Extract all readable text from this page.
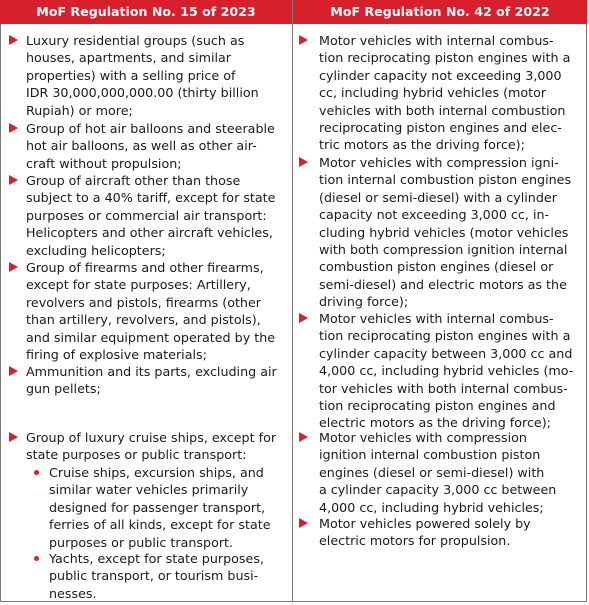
MoF Regulation No. 15 of 2023	MoF Regulation No. 42 of 2022
Luxury residential groups (such as
houses, apartments, and similar
properties) with a selling price of
IDR 30,000,000,000.00 (thirty billion
Rupiah) or more;
Group of hot air balloons and steerable
hot air balloons, as well as other air-
craft without propulsion;
Group of aircraft other than those
subject to a 40% tariff, except for state
purposes or commercial air transport:
Helicopters and other aircraft vehicles,
excluding helicopters;
Group of firearms and other firearms,
except for state purposes: Artillery,
revolvers and pistols, firearms (other
than artillery, revolvers, and pistols),
and similar equipment operated by the
firing of explosive materials;
Ammunition and its parts, excluding air
gun pellets;
Group of luxury cruise ships, except for
state purposes or public transport:
Cruise ships, excursion ships, and
similar water vehicles primarily
designed for passenger transport,
ferries of all kinds, except for state
purposes or public transport.
Yachts, except for state purposes,
public transport, or tourism busi-
nesses.
Motor vehicles with internal combus-
tion reciprocating piston engines with a
cylinder capacity not exceeding 3,000
cc, including hybrid vehicles (motor
vehicles with both internal combustion
reciprocating piston engines and elec-
tric motors as the driving force);
Motor vehicles with compression igni-
tion internal combustion piston engines
(diesel or semi-diesel) with a cylinder
capacity not exceeding 3,000 cc, in-
cluding hybrid vehicles (motor vehicles
with both compression ignition internal
combustion piston engines (diesel or
semi-diesel) and electric motors as the
driving force);
Motor vehicles with internal combus-
tion reciprocating piston engines with a
cylinder capacity between 3,000 cc and
4,000 cc, including hybrid vehicles (mo-
tor vehicles with both internal combus-
tion reciprocating piston engines and
electric motors as the driving force);
Motor vehicles with compression
ignition internal combustion piston
engines (diesel or semi-diesel) with
a cylinder capacity 3,000 cc between
4,000 cc, including hybrid vehicles;
Motor vehicles powered solely by
electric motors for propulsion.
